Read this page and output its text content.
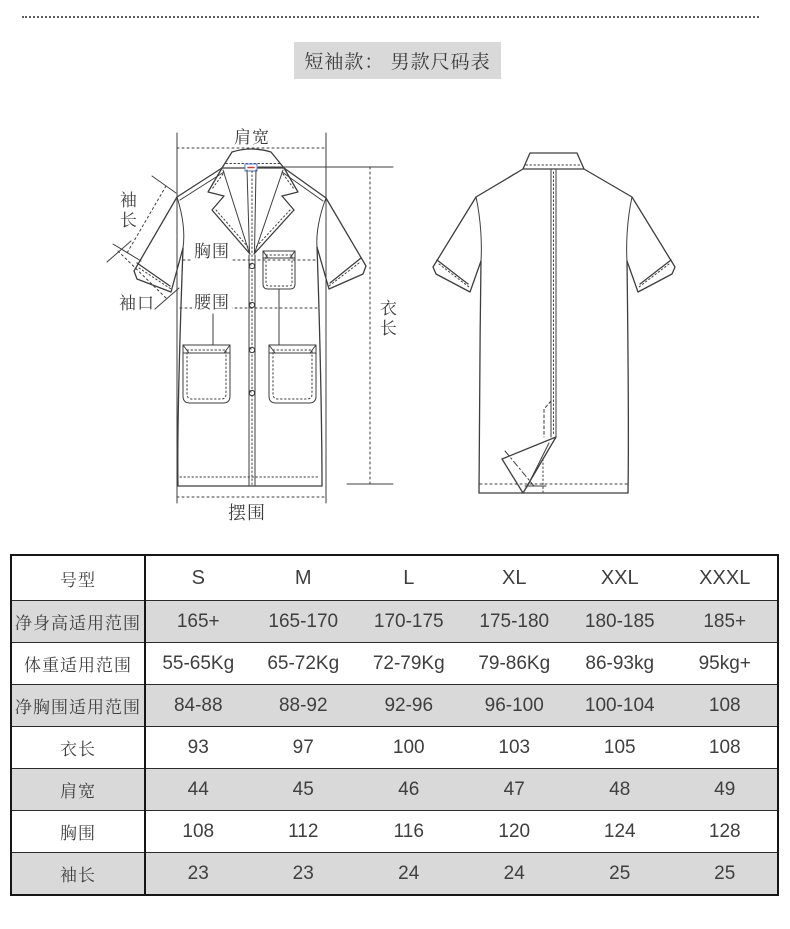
短袖款： 男款尺码表
肩宽
袖长
袖口
胸围
腰围	衣长
摆围
号型	S	M	L	XL	XXL	XXXL
净身高适用范围	165+	165-170	170-175	175-180	180-185	185+
体重适用范围	55-65Kg	65-72Kg	72-79Kg	79-86Kg	86-93kg	95kg+
净胸围适用范围	84-88	88-92	92-96	96-100	100-104	108
衣长	93	97	100	103	105	108
肩宽	44	45	46	47	48	49
胸围	108	112	116	120	124	128
袖长	23	23	24	24	25	25
